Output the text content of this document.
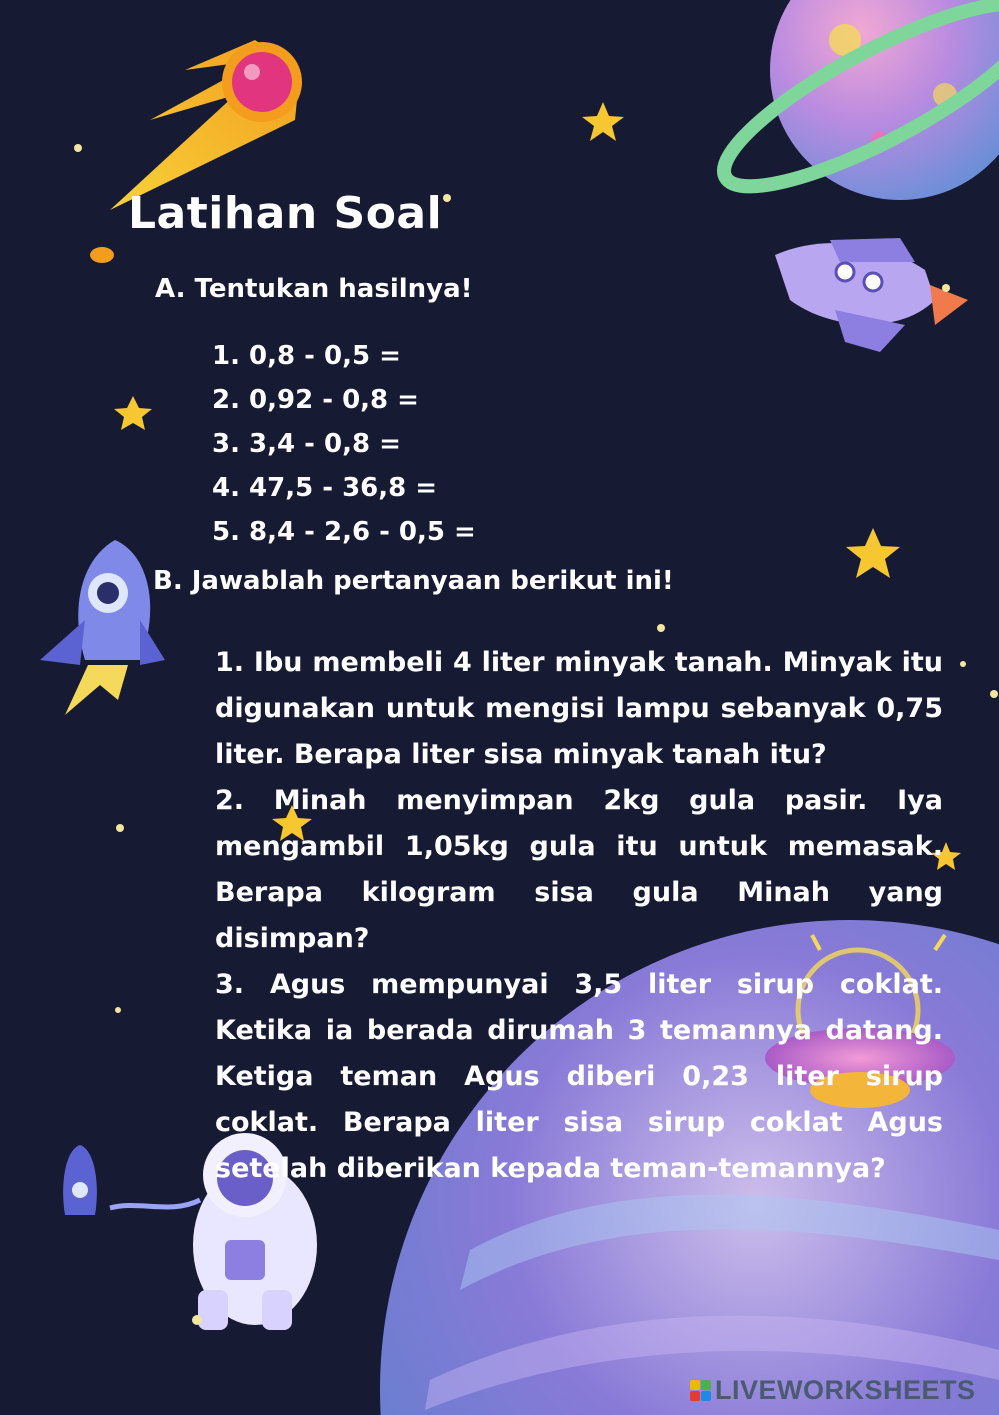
Latihan Soal
A. Tentukan hasilnya!
1. 0,8 - 0,5 =
2. 0,92 - 0,8 =
3. 3,4 - 0,8 =
4. 47,5 - 36,8 =
5. 8,4 - 2,6 - 0,5 =
B. Jawablah pertanyaan berikut ini!

1. Ibu membeli 4 liter minyak tanah. Minyak itu digunakan untuk mengisi lampu sebanyak 0,75 liter. Berapa liter sisa minyak tanah itu?

2. Minah menyimpan 2kg gula pasir. Iya mengambil 1,05kg gula itu untuk memasak. Berapa kilogram sisa gula Minah yang disimpan?

3. Agus mempunyai 3,5 liter sirup coklat. Ketika ia berada dirumah 3 temannya datang. Ketiga teman Agus diberi 0,23 liter sirup coklat. Berapa liter sisa sirup coklat Agus setelah diberikan kepada teman-temannya?

LIVEWORKSHEETS
